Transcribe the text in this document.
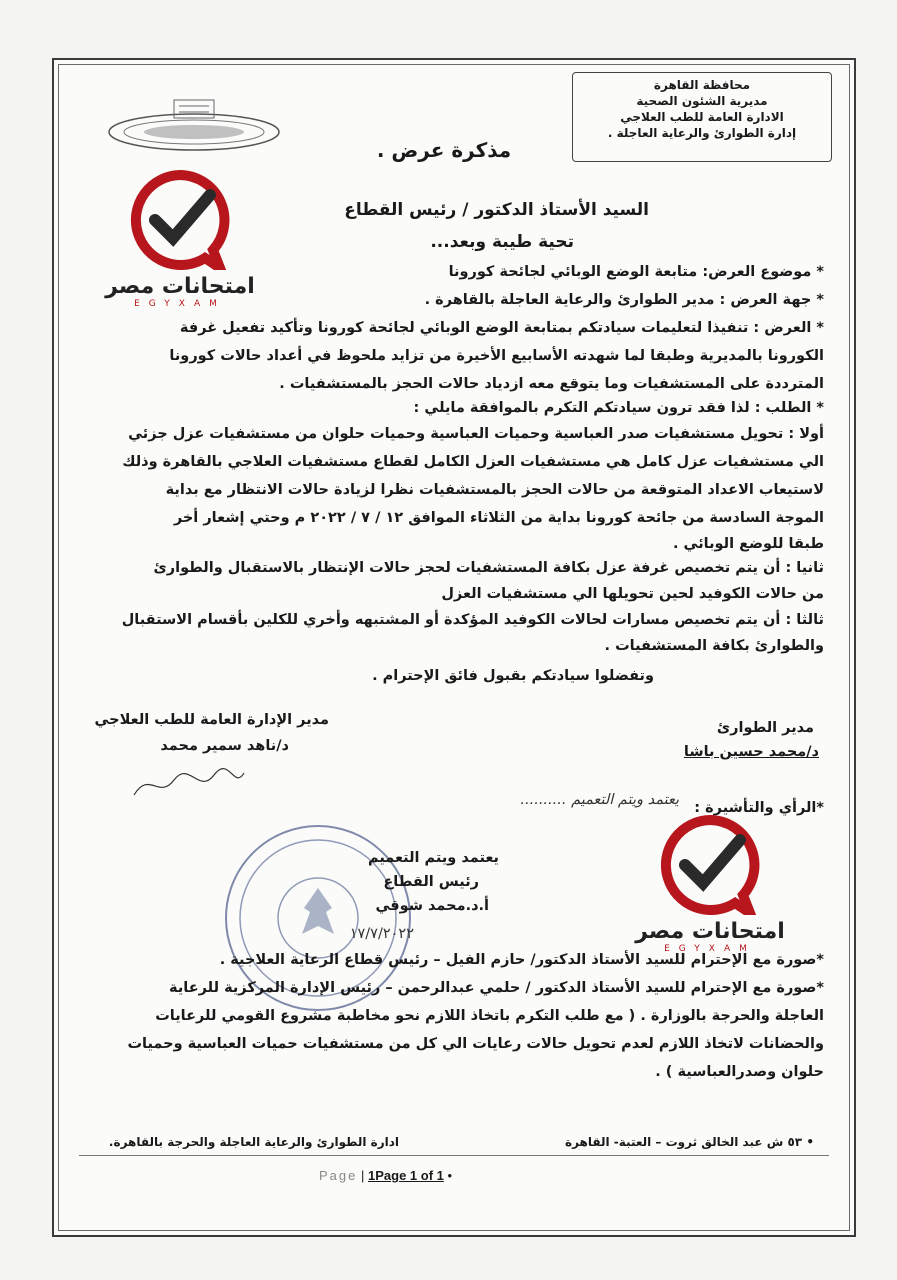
محافظة القاهرة
مديرية الشئون الصحية
الادارة العامة للطب العلاجي
إدارة الطوارئ والرعاية العاجلة .
مذكرة عرض .
السيد الأستاذ الدكتور / رئيس القطاع
تحية طيبة وبعد...
* موضوع العرض: متابعة الوضع الوبائي لجائحة كورونا
* جهة العرض : مدير الطوارئ والرعاية العاجلة بالقاهرة .
* العرض : تنفيذا لتعليمات سيادتكم بمتابعة الوضع الوبائي لجائحة كورونا وتأكيد تفعيل غرفة
الكورونا بالمديرية وطبقا لما شهدته الأسابيع الأخيرة من تزايد ملحوظ في أعداد حالات كورونا
المترددة على المستشفيات وما يتوقع معه ازدياد حالات الحجز بالمستشفيات .
* الطلب : لذا فقد ترون سيادتكم التكرم بالموافقة مايلي :
أولا : تحويل مستشفيات صدر العباسية وحميات العباسية وحميات حلوان من مستشفيات عزل جزئي
الي مستشفيات عزل كامل هي مستشفيات العزل الكامل لقطاع مستشفيات العلاجي بالقاهرة وذلك
لاستيعاب الاعداد المتوقعة من حالات الحجز بالمستشفيات نظرا لزيادة حالات الانتظار مع بداية
الموجة السادسة من جائحة كورونا بداية من الثلاثاء الموافق ١٢ / ٧ / ٢٠٢٢ م وحتي إشعار أخر
طبقا للوضع الوبائي .
ثانيا : أن يتم تخصيص غرفة عزل بكافة المستشفيات لحجز حالات الإنتظار بالاستقبال والطوارئ
من حالات الكوفيد لحين تحويلها الي مستشفيات العزل
ثالثا : أن يتم تخصيص مسارات لحالات الكوفيد المؤكدة أو المشتبهه وأخري للكلين بأقسام الاستقبال
والطوارئ بكافة المستشفيات .
وتفضلوا سيادتكم بقبول فائق الإحترام .
مدير الطوارئ
د/محمد حسين باشا
مدير الإدارة العامة للطب العلاجي
د/ناهد سمير محمد
*الرأي والتأشيرة :
يعتمد ويتم التعميم ..........
يعتمد ويتم التعميم
رئيس القطاع
أ.د.محمد شوقي
١٧/٧/٢٠٢٢
*صورة مع الإحترام للسيد الأستاذ الدكتور/ حازم الفيل – رئيس قطاع الرعاية العلاجية .
*صورة مع الإحترام للسيد الأستاذ الدكتور / حلمي عبدالرحمن – رئيس الإدارة المركزية للرعاية
العاجلة والحرجة بالوزارة . ( مع طلب التكرم باتخاذ اللازم نحو مخاطبة مشروع القومي للرعايات
والحضانات لاتخاذ اللازم لعدم تحويل حالات رعايات الي كل من مستشفيات حميات العباسية وحميات
حلوان وصدرالعباسية ) .
• ٥٣ ش عبد الخالق ثروت – العتبة- القاهرة
ادارة الطوارئ والرعاية العاجلة والحرجة بالقاهرة.
Page | 1Page 1 of 1 •
امتحانات مصر
EGYXAM
امتحانات مصر
EGYXAM
